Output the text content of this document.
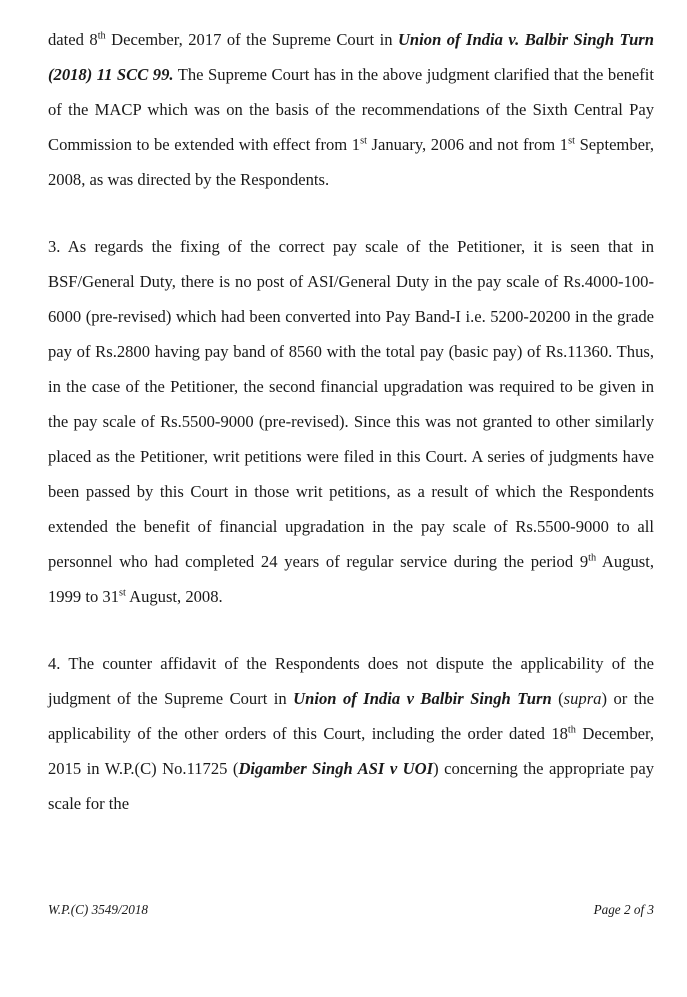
dated 8th December, 2017 of the Supreme Court in Union of India v. Balbir Singh Turn (2018) 11 SCC 99. The Supreme Court has in the above judgment clarified that the benefit of the MACP which was on the basis of the recommendations of the Sixth Central Pay Commission to be extended with effect from 1st January, 2006 and not from 1st September, 2008, as was directed by the Respondents.

3. As regards the fixing of the correct pay scale of the Petitioner, it is seen that in BSF/General Duty, there is no post of ASI/General Duty in the pay scale of Rs.4000-100-6000 (pre-revised) which had been converted into Pay Band-I i.e. 5200-20200 in the grade pay of Rs.2800 having pay band of 8560 with the total pay (basic pay) of Rs.11360. Thus, in the case of the Petitioner, the second financial upgradation was required to be given in the pay scale of Rs.5500-9000 (pre-revised). Since this was not granted to other similarly placed as the Petitioner, writ petitions were filed in this Court. A series of judgments have been passed by this Court in those writ petitions, as a result of which the Respondents extended the benefit of financial upgradation in the pay scale of Rs.5500-9000 to all personnel who had completed 24 years of regular service during the period 9th August, 1999 to 31st August, 2008.

4. The counter affidavit of the Respondents does not dispute the applicability of the judgment of the Supreme Court in Union of India v Balbir Singh Turn (supra) or the applicability of the other orders of this Court, including the order dated 18th December, 2015 in W.P.(C) No.11725 (Digamber Singh ASI v UOI) concerning the appropriate pay scale for the

W.P.(C) 3549/2018	Page 2 of 3
